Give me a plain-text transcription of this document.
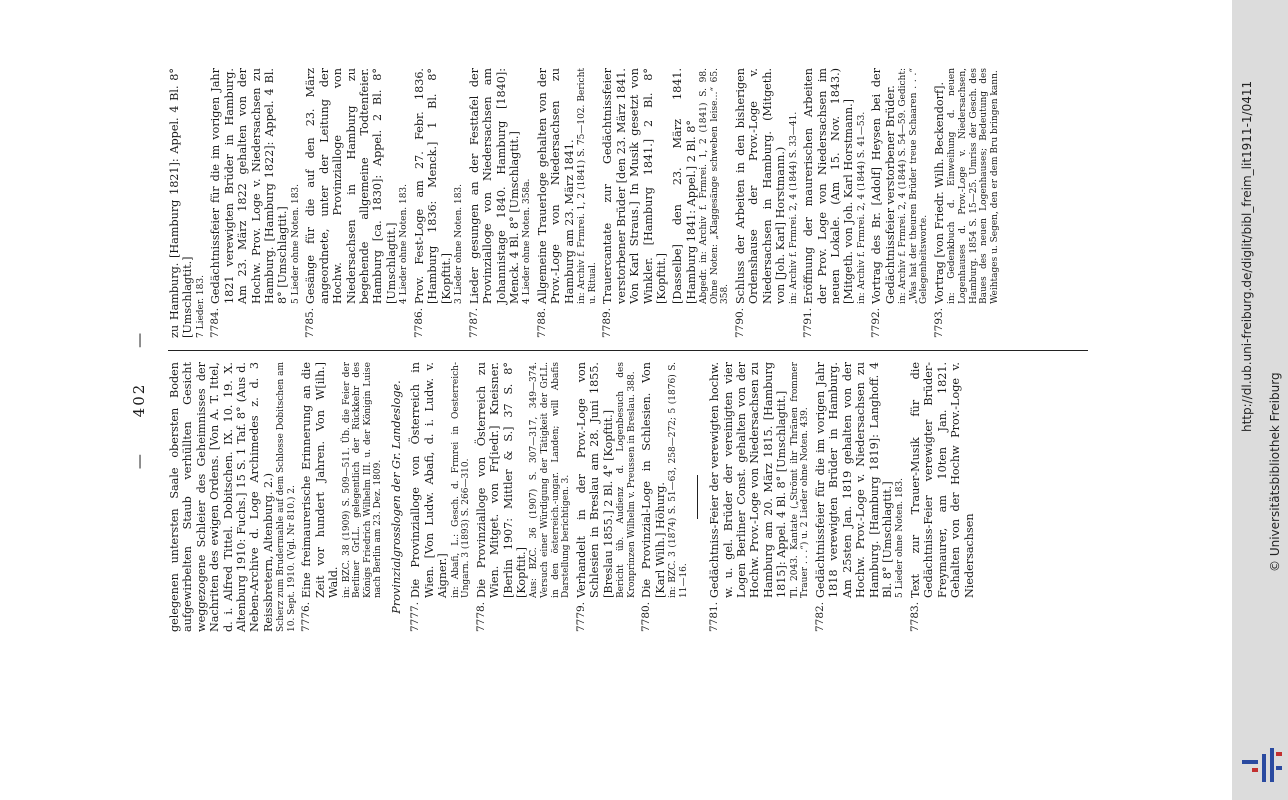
— 402 —
gelegenen untersten Saale obersten Boden aufgewirbelten Staub verhüllten Gesicht weggezogene Schleier des Geheimnisses der Nachriten des ewigen Ordens. [Von A. T. Ittel, d. i. Alfred Tittel. Dobitschen. IX. 10. 19. X. Altenburg 1910: Fuchs.] 15 S. 1 Taf. 8° (Aus d. Neben-Archive d. Loge Archimedes z. d. 3 Reissbretern, Altenburg. 2.) Scherz zum Brudermahle auf dem Schlosse Dobitschen am 10. Sept. 1910. (Vgl. Nr 810.) 2. 7776.
Eine freimaurerische Erinnerung an die Zeit vor hundert Jahren. Von W[ilh.] Wald. in: BZC. 38 (1909) S. 509—511. Üb. die Feier der Berliner GrLL. gelegentlich der Rückkehr des Königs Friedrich Wilhelm III. u. der Königin Luise nach Berlin am 23. Dez. 1809. Provinzialgrosslogen der Gr. Landesloge.
7777.
Die Provinzialloge von Österreich in Wien. [Von Ludw. Abafi, d. i. Ludw. v. Aigner.] in: Abafi, L.: Gesch. d. Frmrei in Oesterreich-Ungarn. 3 (1893) S. 266—310.
7778.
Die Provinzialloge von Österreich zu Wien. Mitget. von Fr[iedr.] Kneisner. [Berlin 1907: Mittler & S.] 37 S. 8° [Kopftit.] Aus: BZC. 36 (1907) S. 307—317, 349—374. Versuch einer Würdigung der Tätigkeit der GrLL. in den österreich.-ungar. Landen; will Abafis Darstellung berichtigen. 3.
7779.
Verhandelt in der Prov.-Loge von Schlesien in Breslau am 28. Juni 1855. [Breslau 1855.] 2 Bl. 4° [Kopftit.] Bericht üb. Audienz d. Logenbesuch des Kronprinzen Wilhelm v. Preussen in Breslau. 388.
7780.
Die Provinzial-Loge in Schlesien. Von [Karl Wilh.] Höhurg. in: BZC. 3 (1874) S. 51—63, 258—272; 5 (1876) S. 11—16.
7781.
Gedächtniss-Feier der verewigten hochw. w. u. gel. Brüder der vereinigten vier Logen Berliner Const. gehalten von der Hochw. Prov.-Loge von Niedersachsen zu Hamburg am 20. März 1815. [Hamburg 1815]: Appel. 4 Bl. 8° [Umschlagtit.] Tl. 2043. Kantate („Strömt ihr Thränen frommer Trauer . . .“) u. 2 Lieder ohne Noten. 439.
7782.
Gedächtnissfeier für die im vorigen Jahr 1818 verewigten Brüder in Hamburg. Am 25sten Jan. 1819 gehalten von der Hochw. Prov.-Loge v. Niedersachsen zu Hamburg. [Hamburg 1819]: Langhoff. 4 Bl. 8° [Umschlagtit.] 5 Lieder ohne Noten. 183.
7783.
Text zur Trauer-Musik für die Gedächtniss-Feier verewigter Brüder-Freymaurer, am 10ten Jan. 1821. Gehalten von der Hochw Prov.-Loge v. Niedersachsen
zu Hamburg. [Hamburg 1821]: Appel. 4 Bl. 8° [Umschlagtit.] 7 Lieder. 183. 7784.
Gedächtnissfeier für die im vorigen Jahr 1821 verewigten Brüder in Hamburg. Am 23. März 1822 gehalten von der Hochw. Prov. Loge v. Niedersachsen zu Hamburg. [Hamburg 1822]: Appel. 4 Bl. 8° [Umschlagtit.] 5 Lieder ohne Noten. 183.
7785.
Gesänge für die auf den 23. März angeordnete, unter der Leitung der Hochw. Provinzialloge von Niedersachsen in Hamburg zu begehende allgemeine Todtenfeier. Hamburg [ca. 1830]: Appel. 2 Bl. 8° [Umschlagtit.] 4 Lieder ohne Noten. 183.
7786.
Prov. Fest-Loge am 27. Febr. 1836. [Hamburg 1836: Menck.] 1 Bl. 8° [Kopftit.] 3 Lieder ohne Noten. 183.
7787.
Lieder gesungen an der Festtafel der Provinzialloge von Niedersachsen am Johannistage 1840. Hamburg [1840]: Menck. 4 Bl. 8° [Umschlagtit.] 4 Lieder ohne Noten. 358a.
7788.
Allgemeine Trauerloge gehalten von der Prov.-Loge von Niedersachsen zu Hamburg am 23. März 1841. in: Archiv f. Frmrei. 1, 2 (1841) S. 75—102. Bericht u. Ritual.
7789.
Trauercantate zur Gedächtnissfeier verstorbener Brüder [den 23. März 1841. Von Karl Straus.] In Musik gesetzt von Winkler. [Hamburg 1841.] 2 Bl. 8° [Kopftit.] [Dasselbe] den 23. März 1841. [Hamburg 1841: Appel.] 2 Bl. 8° Abgedr. in: Archiv f. Frmrei. 1, 2 (1841) S. 98. Ohne Noten: „Klaggesänge schweben leise…“ 65. 358.
7790.
Schluss der Arbeiten in den bisherigen Ordenshause der Prov.-Loge v. Niedersachsen in Hamburg. (Mitgeth. von [Joh. Karl] Horstmann.) in: Archiv f. Frmrei. 2, 4 (1844) S. 33—41.
7791.
Eröffnung der maurerischen Arbeiten der Prov. Loge von Niedersachsen im neuen Lokale. (Am 15. Nov. 1843.) [Mitgeth. von Joh. Karl Horstmann.] in: Archiv f. Frmrei. 2, 4 (1844) S. 41—53.
7792.
Vortrag des Br. [Adolf] Heysen bei der Gedächtnissfeier verstorbener Brüder. in: Archiv f. Frmrei. 2, 4 (1844) S. 54—59. Gedicht: „Was hat der theuren Brüder treue Schaaren . . .“ Gelegenheitsworte.
7793.
Vortrag [von Friedr. Wilh. Beckendorf]. in: Gedenkbuch d. Einweihung d. neuen Logenhauses d. Prov.-Loge v. Niedersachsen, Hamburg. 1854 S. 15—25. Umriss der Gesch. des Baues des neuen Logenhauses; Bedeutung des Weihtages u. Segen, den er dem Bru bringen kann.	http://dl.ub.uni-freiburg.de/diglit/bibl_freim_lit1911-1/0411
© Universitätsbibliothek Freiburg
